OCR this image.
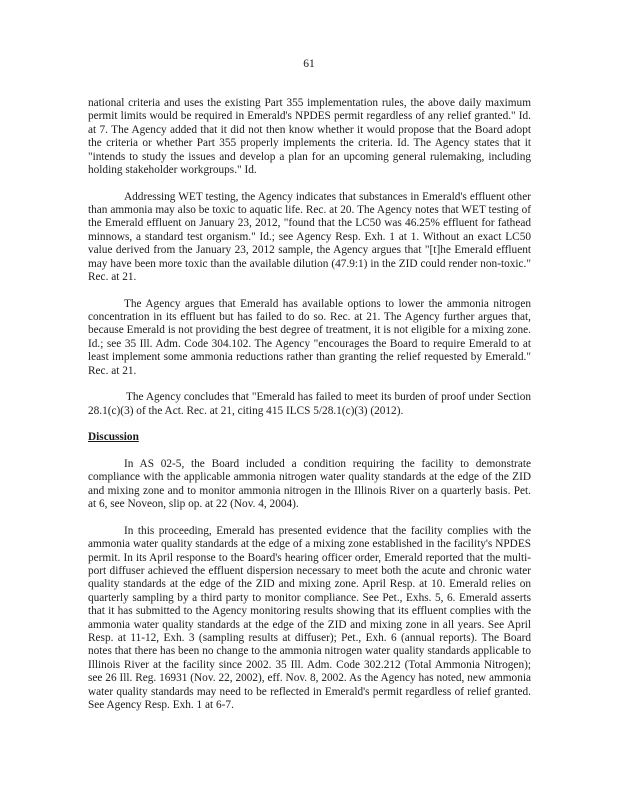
61

national criteria and uses the existing Part 355 implementation rules, the above daily maximum permit limits would be required in Emerald's NPDES permit regardless of any relief granted." Id. at 7. The Agency added that it did not then know whether it would propose that the Board adopt the criteria or whether Part 355 properly implements the criteria. Id. The Agency states that it "intends to study the issues and develop a plan for an upcoming general rulemaking, including holding stakeholder workgroups." Id.

Addressing WET testing, the Agency indicates that substances in Emerald's effluent other than ammonia may also be toxic to aquatic life. Rec. at 20. The Agency notes that WET testing of the Emerald effluent on January 23, 2012, "found that the LC50 was 46.25% effluent for fathead minnows, a standard test organism." Id.; see Agency Resp. Exh. 1 at 1. Without an exact LC50 value derived from the January 23, 2012 sample, the Agency argues that "[t]he Emerald effluent may have been more toxic than the available dilution (47.9:1) in the ZID could render non-toxic." Rec. at 21.

The Agency argues that Emerald has available options to lower the ammonia nitrogen concentration in its effluent but has failed to do so. Rec. at 21. The Agency further argues that, because Emerald is not providing the best degree of treatment, it is not eligible for a mixing zone. Id.; see 35 Ill. Adm. Code 304.102. The Agency "encourages the Board to require Emerald to at least implement some ammonia reductions rather than granting the relief requested by Emerald." Rec. at 21.

The Agency concludes that "Emerald has failed to meet its burden of proof under Section 28.1(c)(3) of the Act. Rec. at 21, citing 415 ILCS 5/28.1(c)(3) (2012).

Discussion

In AS 02-5, the Board included a condition requiring the facility to demonstrate compliance with the applicable ammonia nitrogen water quality standards at the edge of the ZID and mixing zone and to monitor ammonia nitrogen in the Illinois River on a quarterly basis. Pet. at 6, see Noveon, slip op. at 22 (Nov. 4, 2004).

In this proceeding, Emerald has presented evidence that the facility complies with the ammonia water quality standards at the edge of a mixing zone established in the facility's NPDES permit. In its April response to the Board's hearing officer order, Emerald reported that the multi-port diffuser achieved the effluent dispersion necessary to meet both the acute and chronic water quality standards at the edge of the ZID and mixing zone. April Resp. at 10. Emerald relies on quarterly sampling by a third party to monitor compliance. See Pet., Exhs. 5, 6. Emerald asserts that it has submitted to the Agency monitoring results showing that its effluent complies with the ammonia water quality standards at the edge of the ZID and mixing zone in all years. See April Resp. at 11-12, Exh. 3 (sampling results at diffuser); Pet., Exh. 6 (annual reports). The Board notes that there has been no change to the ammonia nitrogen water quality standards applicable to Illinois River at the facility since 2002. 35 Ill. Adm. Code 302.212 (Total Ammonia Nitrogen); see 26 Ill. Reg. 16931 (Nov. 22, 2002), eff. Nov. 8, 2002. As the Agency has noted, new ammonia water quality standards may need to be reflected in Emerald's permit regardless of relief granted. See Agency Resp. Exh. 1 at 6-7.
